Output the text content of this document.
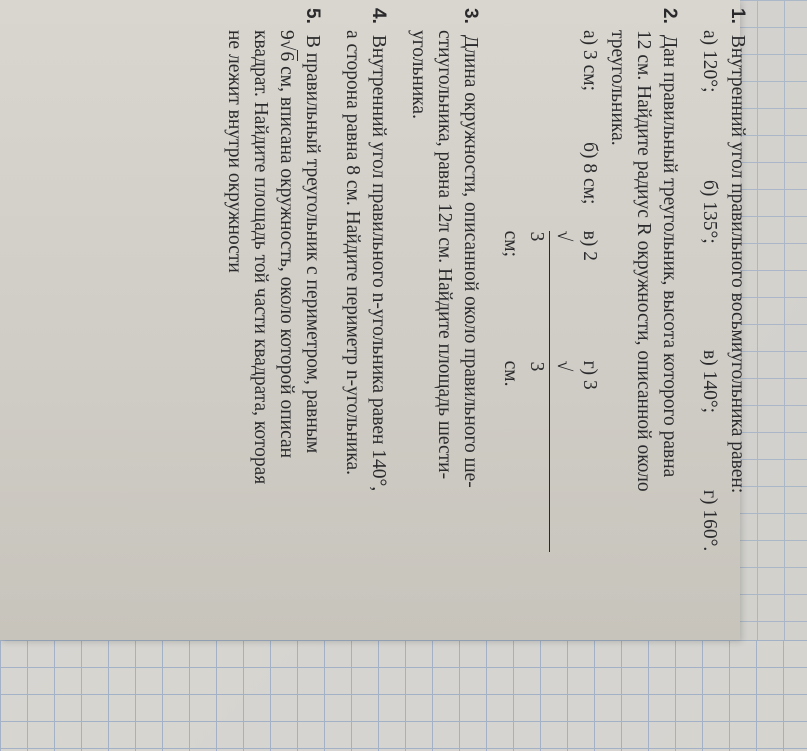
1. Внутренний угол правильного восьмиугольника равен:
а) 120°;
б) 135°;
в) 140°;
г) 160°.
2. Дан правильный треугольник, высота которого равна
12 см. Найдите радиус R окружности, описанной около
треугольника.
а) 3 см;
б) 8 см;
в) 2√3см;
г) 3√3см.
3. Длина окружности, описанной около правильного ше-
стиугольника, равна 12π см. Найдите площадь шести-
угольника.
4. Внутренний угол правильного n-угольника равен 140°,
а сторона равна 8 см. Найдите периметр n-угольника.
5. В правильный треугольник с периметром, равным
9√6 см, вписана окружность, около которой описан
квадрат. Найдите площадь той части квадрата, которая
не лежит внутри окружности
